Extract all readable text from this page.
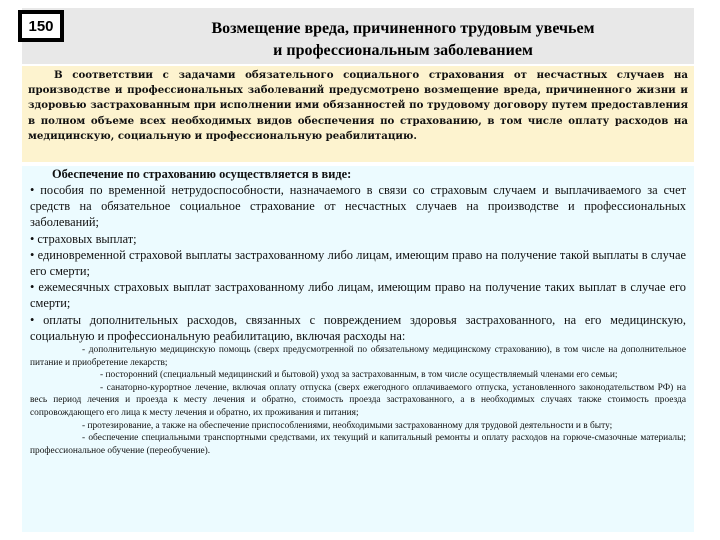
Возмещение вреда, причиненного трудовым увечьем
и профессиональным заболеванием
150

В соответствии с задачами обязательного социального страхования от несчастных случаев на производстве и профессиональных заболеваний предусмотрено возмещение вреда, причиненного жизни и здоровью застрахованным при исполнении ими обязанностей по трудовому договору путем предоставления в полном объеме всех необходимых видов обеспечения по страхованию, в том числе оплату расходов на медицинскую, социальную и профессиональную реабилитацию.

Обеспечение по страхованию осуществляется в виде:

• пособия по временной нетрудоспособности, назначаемого в связи со страховым случаем и выплачиваемого за счет средств на обязательное социальное страхование от несчастных случаев на производстве и профессиональных заболеваний;

• страховых выплат;

• единовременной страховой выплаты застрахованному либо лицам, имеющим право на получение такой выплаты в случае его смерти;

• ежемесячных страховых выплат застрахованному либо лицам, имеющим право на получение таких выплат в случае его смерти;

• оплаты дополнительных расходов, связанных с повреждением здоровья застрахованного, на его медицинскую, социальную и профессиональную реабилитацию, включая расходы на:

- дополнительную медицинскую помощь (сверх предусмотренной по обязательному медицинскому страхованию), в том числе на дополнительное питание и приобретение лекарств;

- посторонний (специальный медицинский и бытовой) уход за застрахованным, в том числе осуществляемый членами его семьи;

- санаторно-курортное лечение, включая оплату отпуска (сверх ежегодного оплачиваемого отпуска, установленного законодательством РФ) на весь период лечения и проезда к месту лечения и обратно, стоимость проезда застрахованного, а в необходимых случаях также стоимость проезда сопровождающего его лица к месту лечения и обратно, их проживания и питания;

- протезирование, а также на обеспечение приспособлениями, необходимыми застрахованному для трудовой деятельности и в быту;

- обеспечение специальными транспортными средствами, их текущий и капитальный ремонты и оплату расходов на горюче-смазочные материалы; профессиональное обучение (переобучение).
